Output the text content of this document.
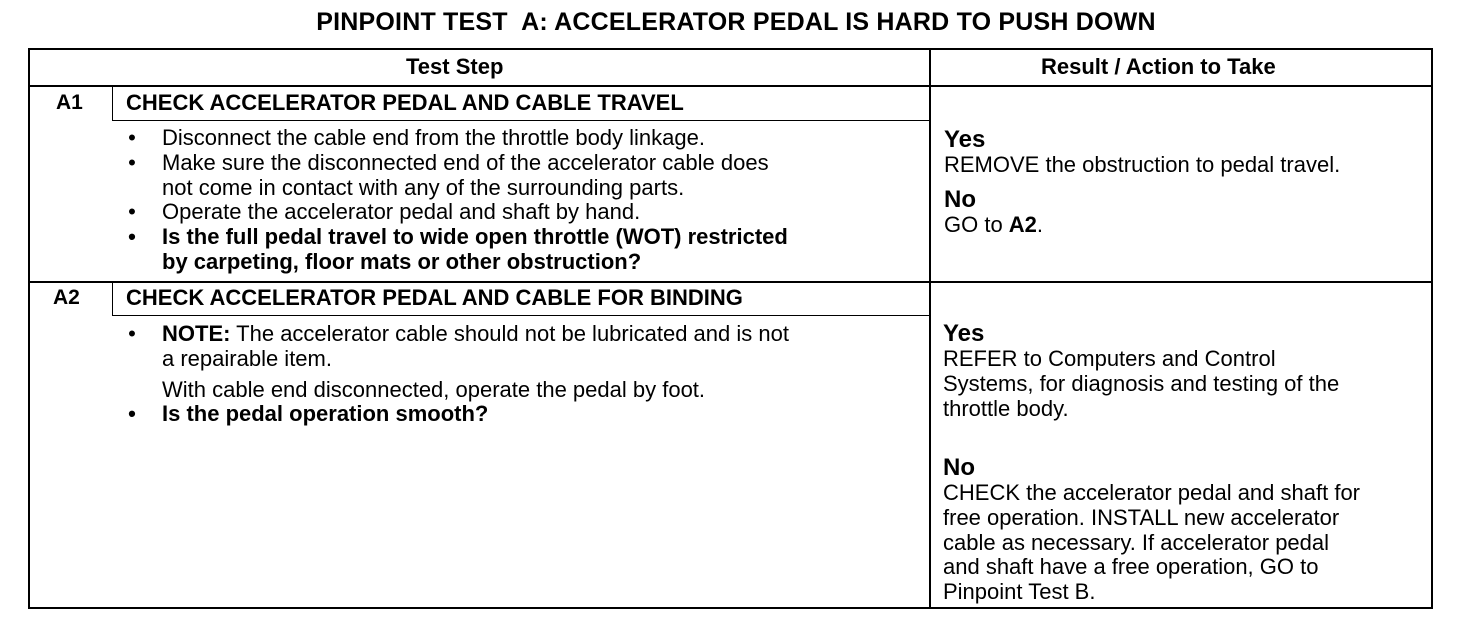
PINPOINT TEST  A: ACCELERATOR PEDAL IS HARD TO PUSH DOWN
Test Step	Result / Action to Take
A1 CHECK ACCELERATOR PEDAL AND CABLE TRAVEL
• Disconnect the cable end from the throttle body linkage.
• Make sure the disconnected end of the accelerator cable does
not come in contact with any of the surrounding parts.
• Operate the accelerator pedal and shaft by hand.
• Is the full pedal travel to wide open throttle (WOT) restricted
by carpeting, floor mats or other obstruction?
Yes
REMOVE the obstruction to pedal travel.
No
GO to A2.
A2 CHECK ACCELERATOR PEDAL AND CABLE FOR BINDING
• NOTE: The accelerator cable should not be lubricated and is not
a repairable item.
With cable end disconnected, operate the pedal by foot.
• Is the pedal operation smooth?
Yes
REFER to Computers and Control
Systems, for diagnosis and testing of the
throttle body.
No
CHECK the accelerator pedal and shaft for
free operation. INSTALL new accelerator
cable as necessary. If accelerator pedal
and shaft have a free operation, GO to
Pinpoint Test B.
